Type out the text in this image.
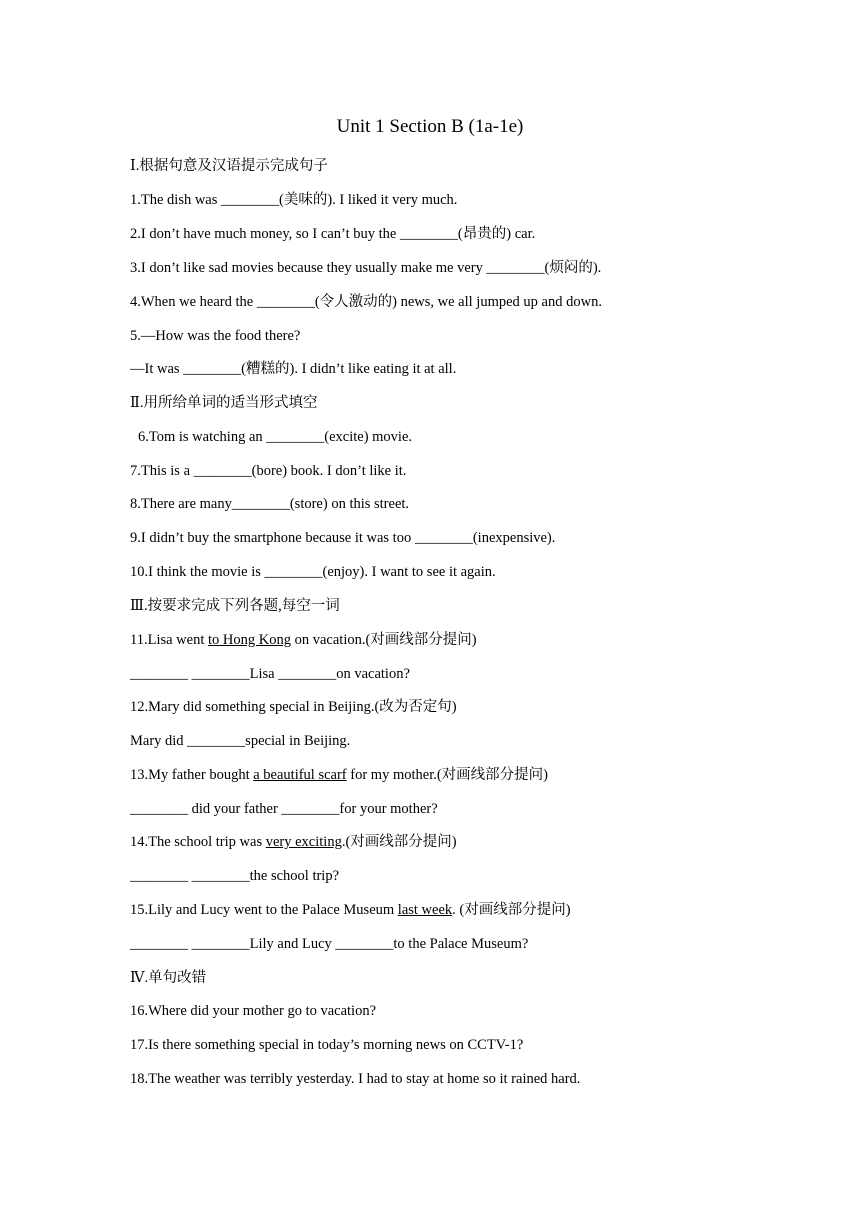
Unit 1 Section B (1a-1e)
Ⅰ.根据句意及汉语提示完成句子
1.The dish was ________(美味的). I liked it very much.
2.I don’t have much money, so I can’t buy the ________(昂贵的) car.
3.I don’t like sad movies because they usually make me very ________(烦闷的).
4.When we heard the ________(令人激动的) news, we all jumped up and down.
5.—How was the food there?
—It was ________(糟糕的). I didn’t like eating it at all.
Ⅱ.用所给单词的适当形式填空
6.Tom is watching an ________(excite) movie.
7.This is a ________(bore) book. I don’t like it.
8.There are many________(store) on this street.
9.I didn’t buy the smartphone because it was too ________(inexpensive).
10.I think the movie is ________(enjoy). I want to see it again.
Ⅲ.按要求完成下列各题,每空一词
11.Lisa went to Hong Kong on vacation.(对画线部分提问)
________ ________Lisa ________on vacation?
12.Mary did something special in Beijing.(改为否定句)
Mary did ________special in Beijing.
13.My father bought a beautiful scarf for my mother.(对画线部分提问)
________ did your father ________for your mother?
14.The school trip was very exciting.(对画线部分提问)
________ ________the school trip?
15.Lily and Lucy went to the Palace Museum last week. (对画线部分提问)
________ ________Lily and Lucy ________to the Palace Museum?
Ⅳ.单句改错
16.Where did your mother go to vacation?
17.Is there something special in today’s morning news on CCTV-1?
18.The weather was terribly yesterday. I had to stay at home so it rained hard.
